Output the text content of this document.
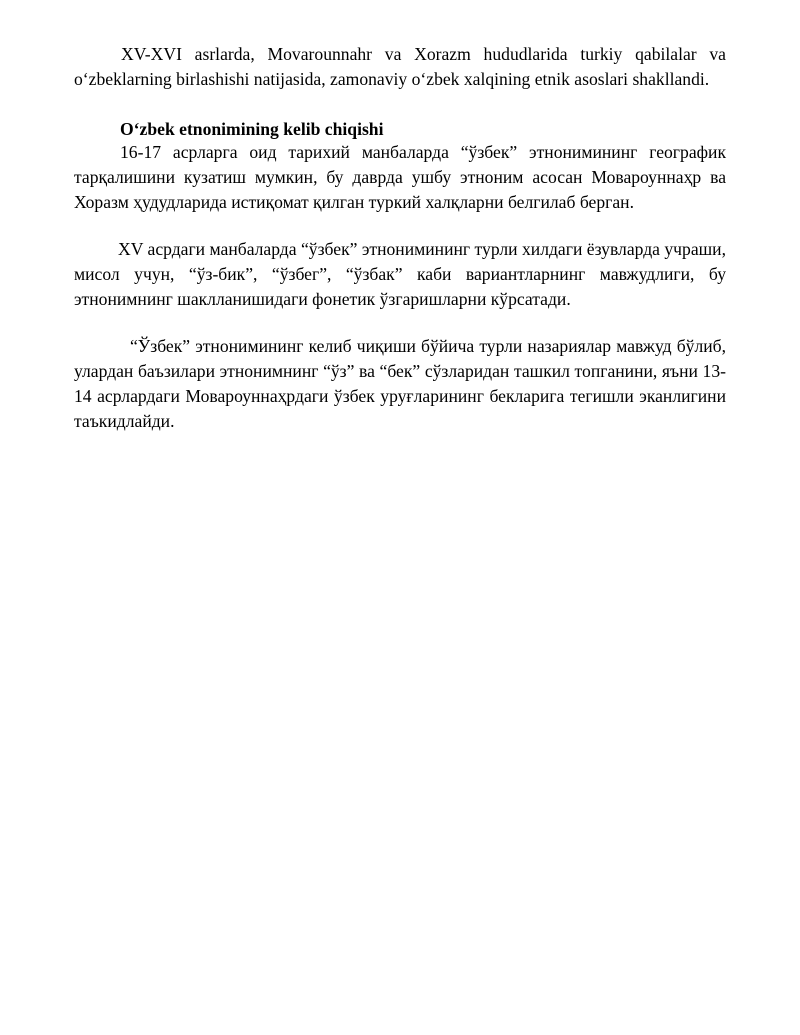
XV-XVI asrlarda, Movarounnahr va Xorazm hududlarida turkiy qabilalar va o‘zbeklarning birlashishi natijasida, zamonaviy o‘zbek xalqining etnik asoslari shakllandi.

O‘zbek etnonimining kelib chiqishi

16-17 асрларга оид тарихий манбаларда “ўзбек” этнонимининг географик тарқалишини кузатиш мумкин, бу даврда ушбу этноним асосан Мовароуннаҳр ва Хоразм ҳудудларида истиқомат қилган туркий халқларни белгилаб берган.

XV асрдаги манбаларда “ўзбек” этнонимининг турли хилдаги ёзувларда учраши, мисол учун, “ўз-бик”, “ўзбег”, “ўзбак” каби вариантларнинг мавжудлиги, бу этнонимнинг шаклланишидаги фонетик ўзгаришларни кўрсатади.

“Ўзбек” этнонимининг келиб чиқиши бўйича турли назариялар мавжуд бўлиб, улардан баъзилари этнонимнинг “ўз” ва “бек” сўзларидан ташкил топганини, яъни 13-14 асрлардаги Мовароуннаҳрдаги ўзбек уруғларининг бекларига тегишли эканлигини таъкидлайди.
